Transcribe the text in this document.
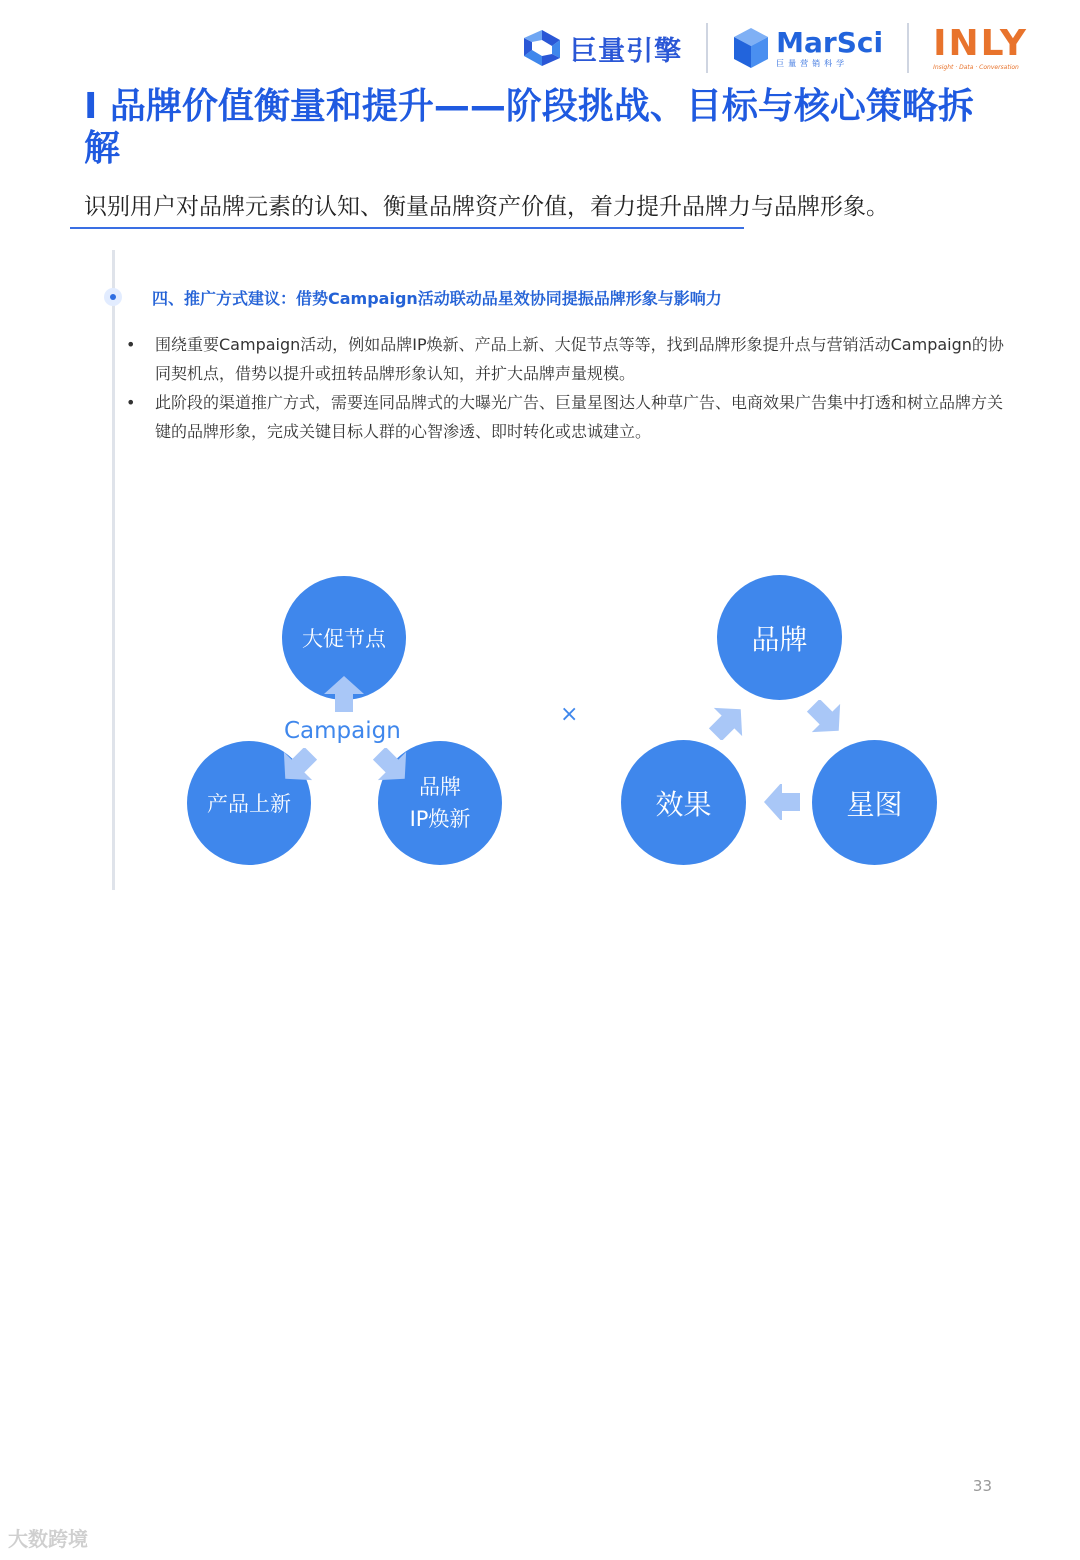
巨量引擎	MarSci
巨量营销科学	INLY
Insight · Data · Conversation
I 品牌价值衡量和提升——阶段挑战、目标与核心策略拆解

识别用户对品牌元素的认知、衡量品牌资产价值，着力提升品牌力与品牌形象。

四、推广方式建议：借势Campaign活动联动品星效协同提振品牌形象与影响力
• 围绕重要Campaign活动，例如品牌IP焕新、产品上新、大促节点等等，找到品牌形象提升点与营销活动Campaign的协同契机点，借势以提升或扭转品牌形象认知，并扩大品牌声量规模。
• 此阶段的渠道推广方式，需要连同品牌式的大曝光广告、巨量星图达人种草广告、电商效果广告集中打透和树立品牌方关键的品牌形象，完成关键目标人群的心智渗透、即时转化或忠诚建立。
大促节点
产品上新
品牌
IP焕新
Campaign
×
品牌
星图
效果
33
大数跨境
